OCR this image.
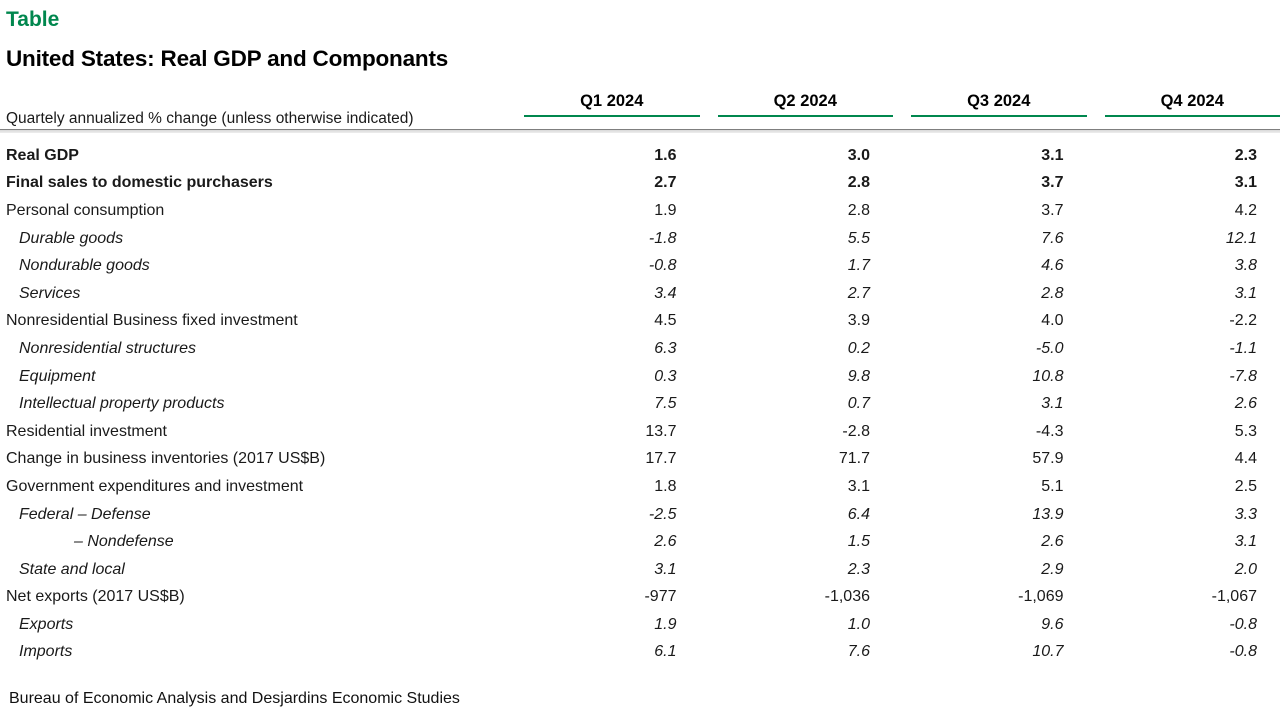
Table
United States: Real GDP and Componants
Quartely annualized % change (unless otherwise indicated)
Q1 2024	Q2 2024	Q3 2024	Q4 2024
Real GDP	1.6	3.0	3.1	2.3
Final sales to domestic purchasers	2.7	2.8	3.7	3.1
Personal consumption	1.9	2.8	3.7	4.2
Durable goods	-1.8	5.5	7.6	12.1
Nondurable goods	-0.8	1.7	4.6	3.8
Services	3.4	2.7	2.8	3.1
Nonresidential Business fixed investment	4.5	3.9	4.0	-2.2
Nonresidential structures	6.3	0.2	-5.0	-1.1
Equipment	0.3	9.8	10.8	-7.8
Intellectual property products	7.5	0.7	3.1	2.6
Residential investment	13.7	-2.8	-4.3	5.3
Change in business inventories (2017 US$B)	17.7	71.7	57.9	4.4
Government expenditures and investment	1.8	3.1	5.1	2.5
Federal – Defense	-2.5	6.4	13.9	3.3
– Nondefense	2.6	1.5	2.6	3.1
State and local	3.1	2.3	2.9	2.0
Net exports (2017 US$B)	-977	-1,036	-1,069	-1,067
Exports	1.9	1.0	9.6	-0.8
Imports	6.1	7.6	10.7	-0.8
Bureau of Economic Analysis and Desjardins Economic Studies
